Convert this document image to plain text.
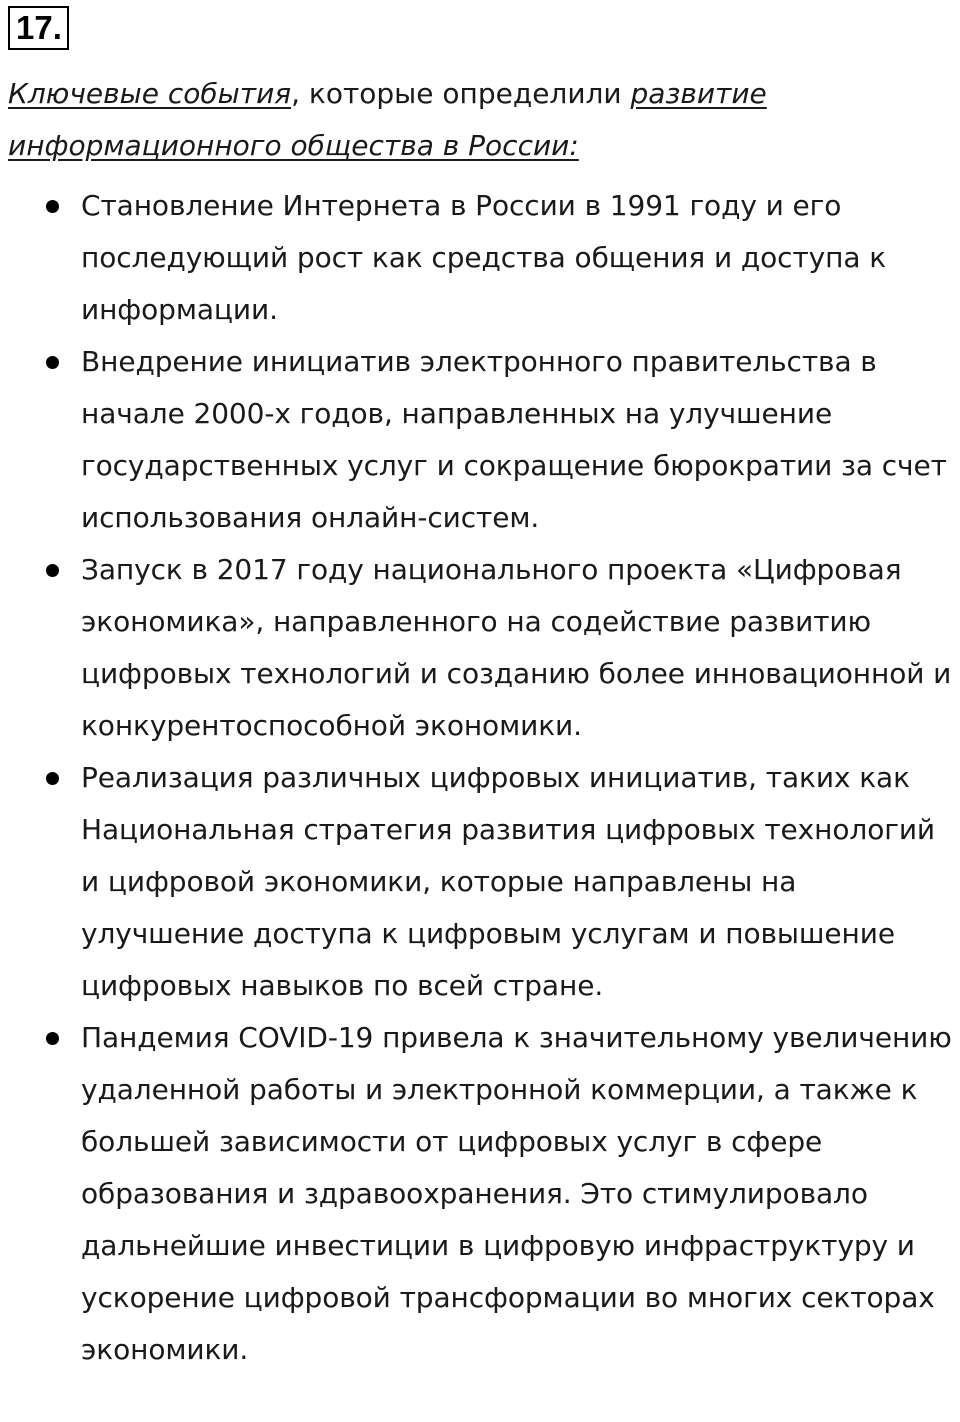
17.

Ключевые события, которые определили развитие информационного общества в России:

Становление Интернета в России в 1991 году и его последующий рост как средства общения и доступа к информации.
Внедрение инициатив электронного правительства в начале 2000-х годов, направленных на улучшение государственных услуг и сокращение бюрократии за счет использования онлайн-систем.
Запуск в 2017 году национального проекта «Цифровая экономика», направленного на содействие развитию цифровых технологий и созданию более инновационной и конкурентоспособной экономики.
Реализация различных цифровых инициатив, таких как Национальная стратегия развития цифровых технологий и цифровой экономики, которые направлены на улучшение доступа к цифровым услугам и повышение цифровых навыков по всей стране.
Пандемия COVID-19 привела к значительному увеличению удаленной работы и электронной коммерции, а также к большей зависимости от цифровых услуг в сфере образования и здравоохранения. Это стимулировало дальнейшие инвестиции в цифровую инфраструктуру и ускорение цифровой трансформации во многих секторах экономики.
